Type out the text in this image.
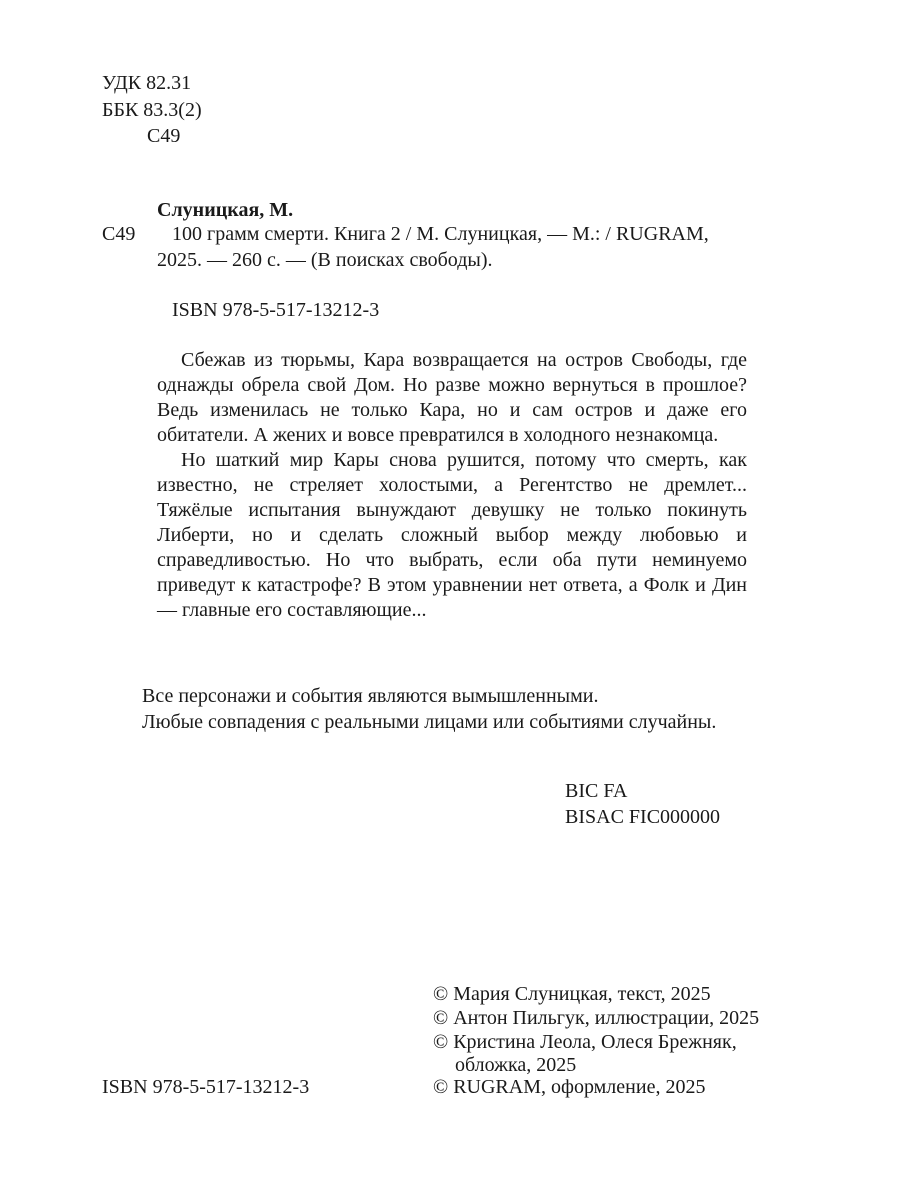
УДК 82.31
ББК 83.3(2)
С49
Слуницкая, М.
С49 100 грамм смерти. Книга 2 / М. Слуницкая, — М.: / RUGRAM,
2025. — 260 с. — (В поисках свободы).
ISBN 978-5-517-13212-3

Сбежав из тюрьмы, Кара возвращается на остров Свободы, где однажды обрела свой Дом. Но разве можно вернуться в прошлое? Ведь изменилась не только Кара, но и сам остров и даже его обитатели. А жених и вовсе превратился в холодного незнакомца.

Но шаткий мир Кары снова рушится, потому что смерть, как известно, не стреляет холостыми, а Регентство не дремлет... Тяжёлые испытания вынуждают девушку не только покинуть Либерти, но и сделать сложный выбор между любовью и справедливостью. Но что выбрать, если оба пути неминуемо приведут к катастрофе? В этом уравнении нет ответа, а Фолк и Дин — главные его составляющие...

Все персонажи и события являются вымышленными.
Любые совпадения с реальными лицами или событиями случайны.
BIC FA
BISAC FIC000000
© Мария Слуницкая, текст, 2025
© Антон Пильгук, иллюстрации, 2025
© Кристина Леола, Олеся Брежняк,
обложка, 2025
ISBN 978-5-517-13212-3	© RUGRAM, оформление, 2025
